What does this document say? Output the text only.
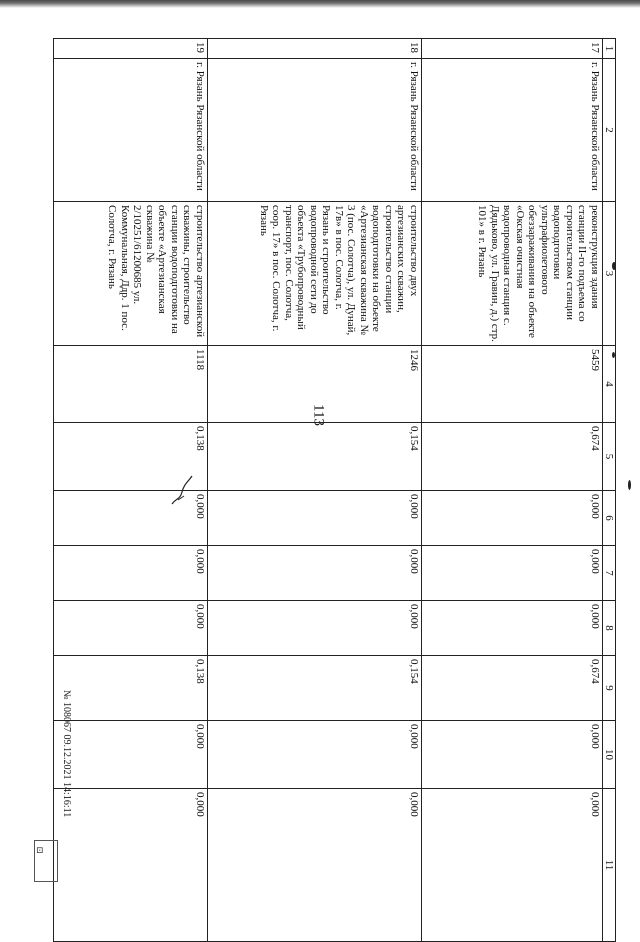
113
1	2	3	4	5	6	7	8	9	10	11
17	г. Рязань Рязанской области	реконструкция здания станции II-го подъема со строительством станции водоподготовки ультрафиолетового обеззараживания на объекте «Окская очистная водопроводная станция с. Дядьково, ул. Гравин, д.) стр. 101» в г. Рязань	5459	0,674	0,000	0,000	0,000	0,674	0,000	0,000
18	г. Рязань Рязанской области	строительство двух артезианских скважин, строительство станции водоподготовки на объекте «Артезианская скважина № 3 (пос. Солотча), ул. Дунай, 17в» в пос. Солотча, г. Рязань и строительство водопроводной сети до объекта «Трубопроводный транспорт, пос. Солотча, соор. 17» в пос. Солотча, г. Рязань	1246	0,154	0,000	0,000	0,000	0,154	0,000	0,000
19	г. Рязань Рязанской области	строительство артезианской скважины, строительство станции водоподготовки на объекте «Артезианская скважина № 2/10251/61200685 ул. Коммунальная, Ддр. 1 пос. Солотча, г. Рязань	1118	0,138	0,000	0,000	0,000	0,138	0,000	0,000
⊡
№ 108067 09.12.2021 14:16:11
